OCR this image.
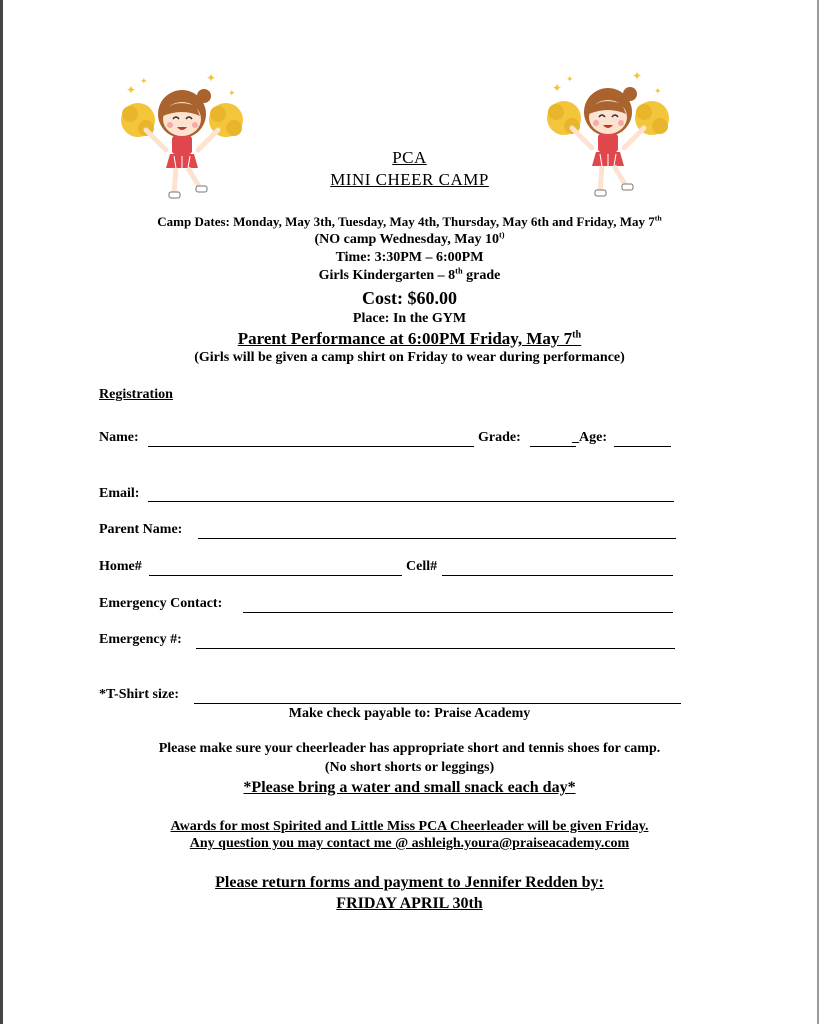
✦
✦	✦
✦	✦
✦	✦
✦
PCA
MINI CHEER CAMP
Camp Dates: Monday, May 3th, Tuesday, May 4th, Thursday, May 6th and Friday, May 7th
(NO camp Wednesday, May 10$^{t)}$
Time: 3:30PM – 6:00PM
Girls Kindergarten – 8th grade
Cost: $60.00
Place: In the GYM
Parent Performance at 6:00PM Friday, May 7th
(Girls will be given a camp shirt on Friday to wear during performance)
Registration
Name:	Grade:	_Age:
Email:
Parent Name:
Home#	Cell#
Emergency Contact:
Emergency #:
*T-Shirt size:
Make check payable to: Praise Academy
Please make sure your cheerleader has appropriate short and tennis shoes for camp.
(No short shorts or leggings)
*Please bring a water and small snack each day*
Awards for most Spirited and Little Miss PCA Cheerleader will be given Friday.
Any question you may contact me @ ashleigh.youra@praiseacademy.com
Please return forms and payment to Jennifer Redden by:
FRIDAY APRIL 30th
